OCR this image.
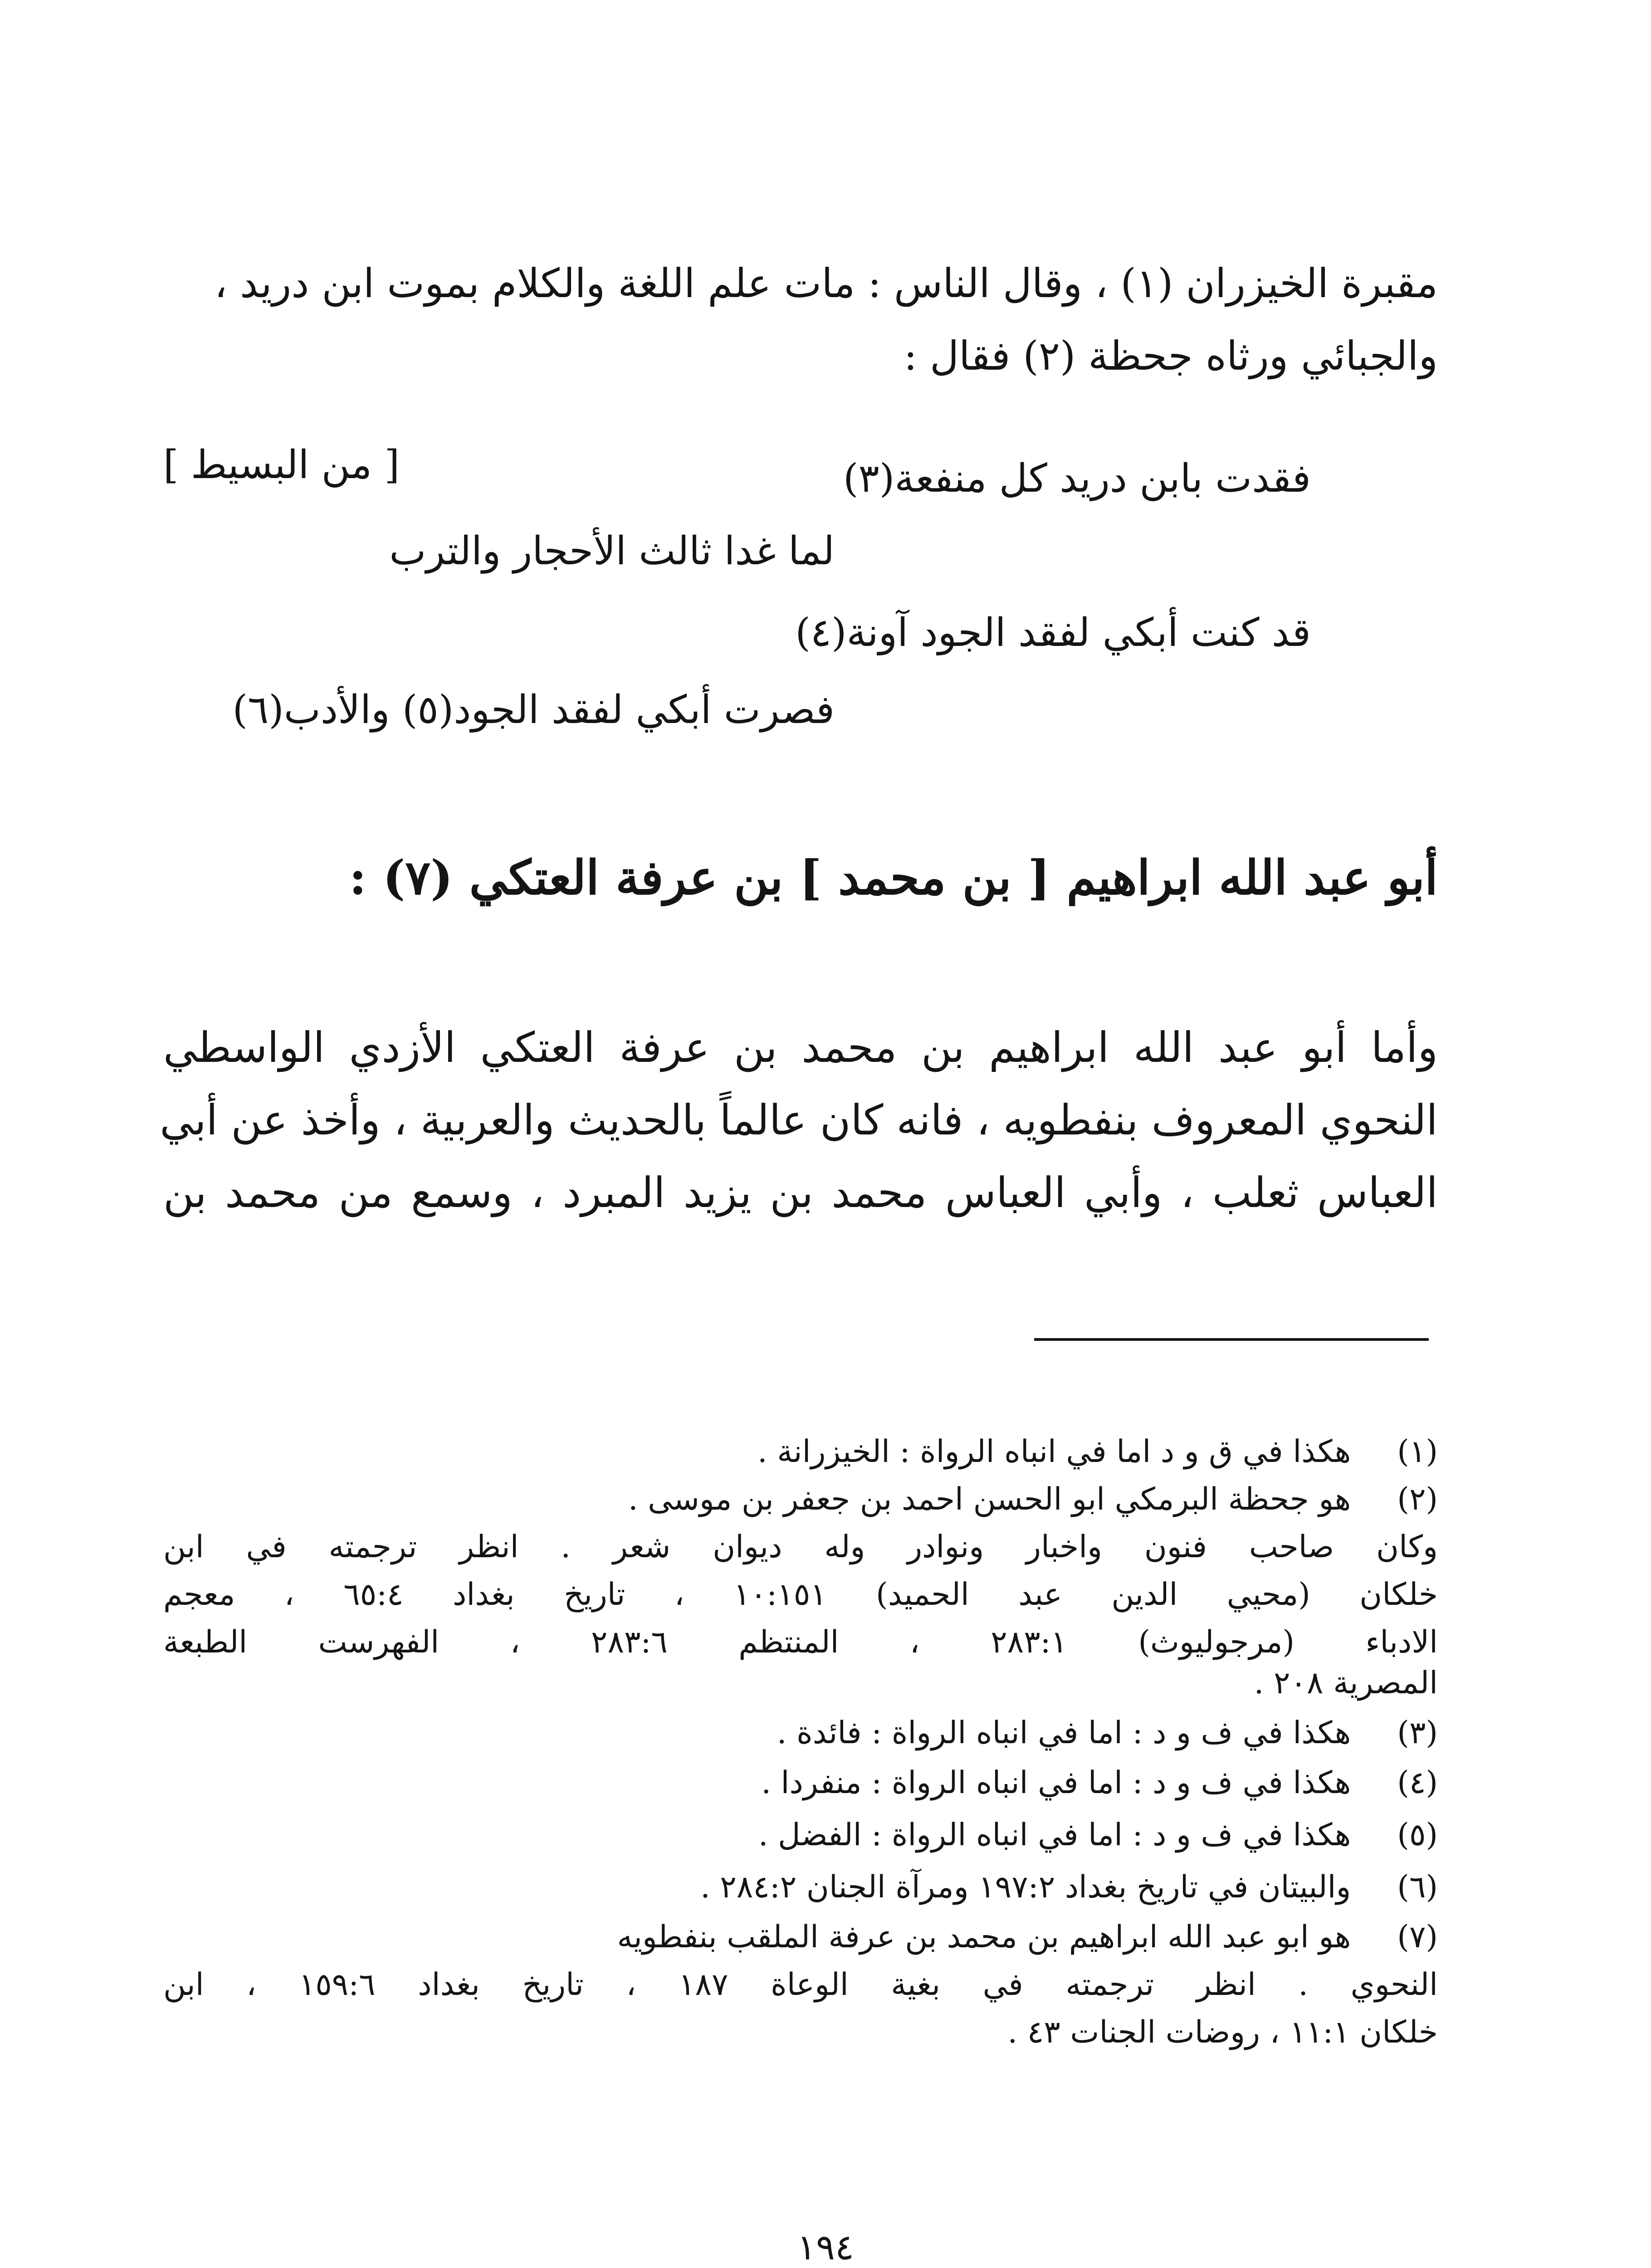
مقبرة الخيزران (١) ، وقال الناس : مات علم اللغة والكلام بموت ابن دريد ،
والجبائي ورثاه جحظة (٢) فقال :
[ من البسيط ]	فقدت بابن دريد كل منفعة(٣)
لما غدا ثالث الأحجار والترب
قد كنت أبكي لفقد الجود آونة(٤)
فصرت أبكي لفقد الجود(٥) والأدب(٦)
أبو عبد الله ابراهيم [ بن محمد ] بن عرفة العتكي (٧) :
وأما أبو عبد الله ابراهيم بن محمد بن عرفة العتكي الأزدي الواسطي
النحوي المعروف بنفطويه ، فانه كان عالماً بالحديث والعربية ، وأخذ عن أبي
العباس ثعلب ، وأبي العباس محمد بن يزيد المبرد ، وسمع من محمد بن
(١) هكذا في ق و د اما في انباه الرواة : الخيزرانة .
(٢) هو جحظة البرمكي ابو الحسن احمد بن جعفر بن موسى .
وكان صاحب فنون واخبار ونوادر وله ديوان شعر . انظر ترجمته في ابن
خلكان (محيي الدين عبد الحميد) ١٠:١٥١ ، تاريخ بغداد ٦٥:٤ ، معجم
الادباء (مرجوليوث) ٢٨٣:١ ، المنتظم ٢٨٣:٦ ، الفهرست الطبعة
المصرية ٢٠٨ .
(٣) هكذا في ف و د : اما في انباه الرواة : فائدة .
(٤) هكذا في ف و د : اما في انباه الرواة : منفردا .
(٥) هكذا في ف و د : اما في انباه الرواة : الفضل .
(٦) والبيتان في تاريخ بغداد ١٩٧:٢ ومرآة الجنان ٢٨٤:٢ .
(٧) هو ابو عبد الله ابراهيم بن محمد بن عرفة الملقب بنفطويه
النحوي . انظر ترجمته في بغية الوعاة ١٨٧ ، تاريخ بغداد ١٥٩:٦ ، ابن
خلكان ١١:١ ، روضات الجنات ٤٣ .
١٩٤
